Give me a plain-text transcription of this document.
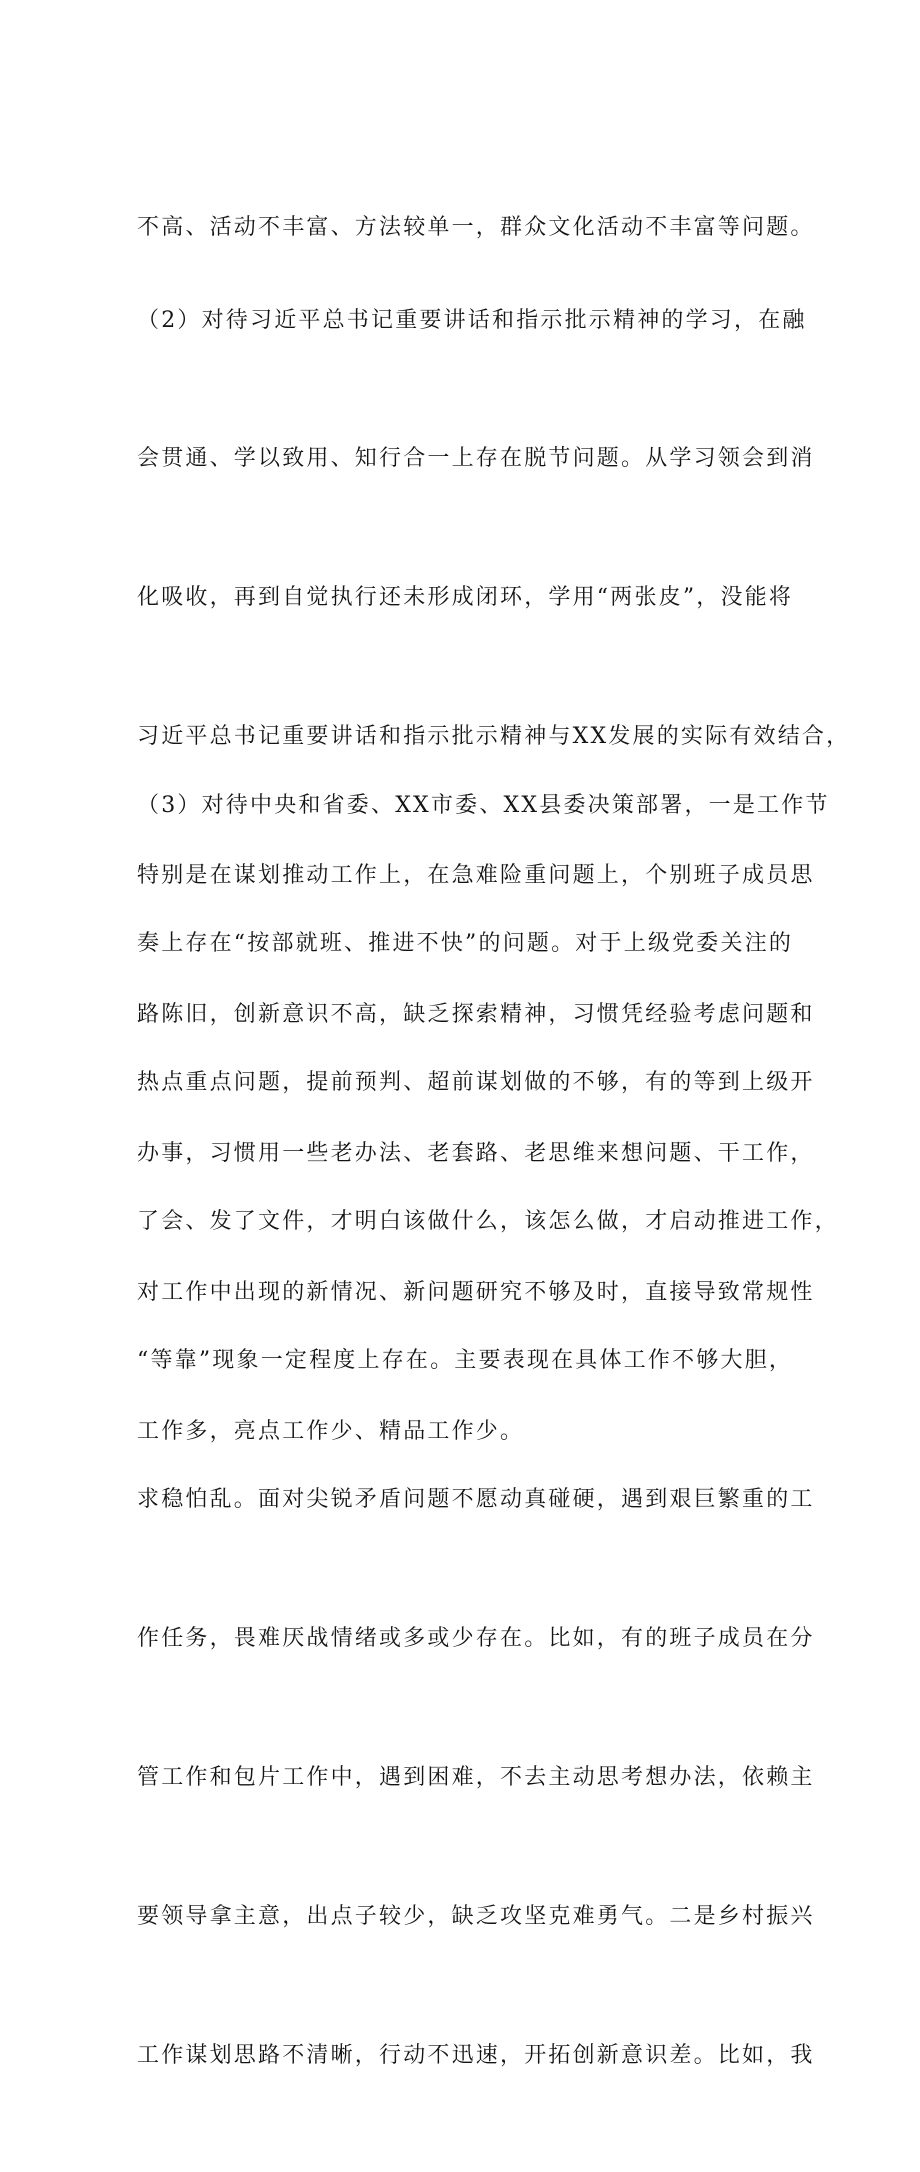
不高、活动不丰富、方法较单一，群众文化活动不丰富等问题。

（2）对待习近平总书记重要讲话和指示批示精神的学习，在融

会贯通、学以致用、知行合一上存在脱节问题。从学习领会到消

化吸收，再到自觉执行还未形成闭环，学用“两张皮”，没能将

习近平总书记重要讲话和指示批示精神与XX发展的实际有效结合，

特别是在谋划推动工作上，在急难险重问题上，个别班子成员思

路陈旧，创新意识不高，缺乏探索精神，习惯凭经验考虑问题和

办事，习惯用一些老办法、老套路、老思维来想问题、干工作，

对工作中出现的新情况、新问题研究不够及时，直接导致常规性

工作多，亮点工作少、精品工作少。

（3）对待中央和省委、XX市委、XX县委决策部署，一是工作节

奏上存在“按部就班、推进不快”的问题。对于上级党委关注的

热点重点问题，提前预判、超前谋划做的不够，有的等到上级开

了会、发了文件，才明白该做什么，该怎么做，才启动推进工作，

“等靠”现象一定程度上存在。主要表现在具体工作不够大胆，

求稳怕乱。面对尖锐矛盾问题不愿动真碰硬，遇到艰巨繁重的工

作任务，畏难厌战情绪或多或少存在。比如，有的班子成员在分

管工作和包片工作中，遇到困难，不去主动思考想办法，依赖主

要领导拿主意，出点子较少，缺乏攻坚克难勇气。二是乡村振兴

工作谋划思路不清晰，行动不迅速，开拓创新意识差。比如，我
